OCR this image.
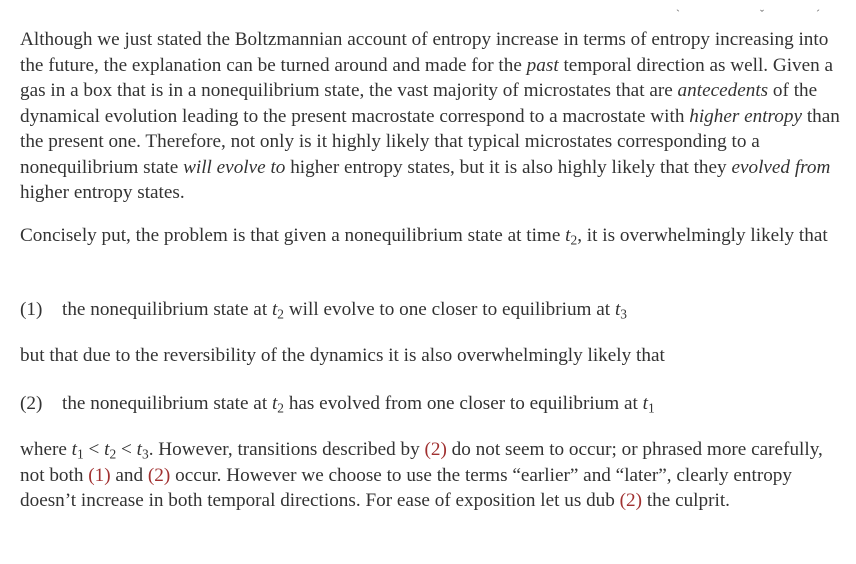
ˋ	ˇ	ˊ

Although we just stated the Boltzmannian account of entropy increase in terms of entropy increasing into the future, the explanation can be turned around and made for the past temporal direction as well. Given a gas in a box that is in a nonequilibrium state, the vast majority of microstates that are antecedents of the dynamical evolution leading to the present macrostate correspond to a macrostate with higher entropy than the present one. Therefore, not only is it highly likely that typical microstates corresponding to a nonequilibrium state will evolve to higher entropy states, but it is also highly likely that they evolved from higher entropy states.

Concisely put, the problem is that given a nonequilibrium state at time $t_2$, it is overwhelmingly likely that

(1) the nonequilibrium state at $t_2$ will evolve to one closer to equilibrium at $t_3$

but that due to the reversibility of the dynamics it is also overwhelmingly likely that

(2) the nonequilibrium state at $t_2$ has evolved from one closer to equilibrium at $t_1$

where $t_1 < t_2 < t_3$. However, transitions described by (2) do not seem to occur; or phrased more carefully, not both (1) and (2) occur. However we choose to use the terms “earlier” and “later”, clearly entropy doesn’t increase in both temporal directions. For ease of exposition let us dub (2) the culprit.
